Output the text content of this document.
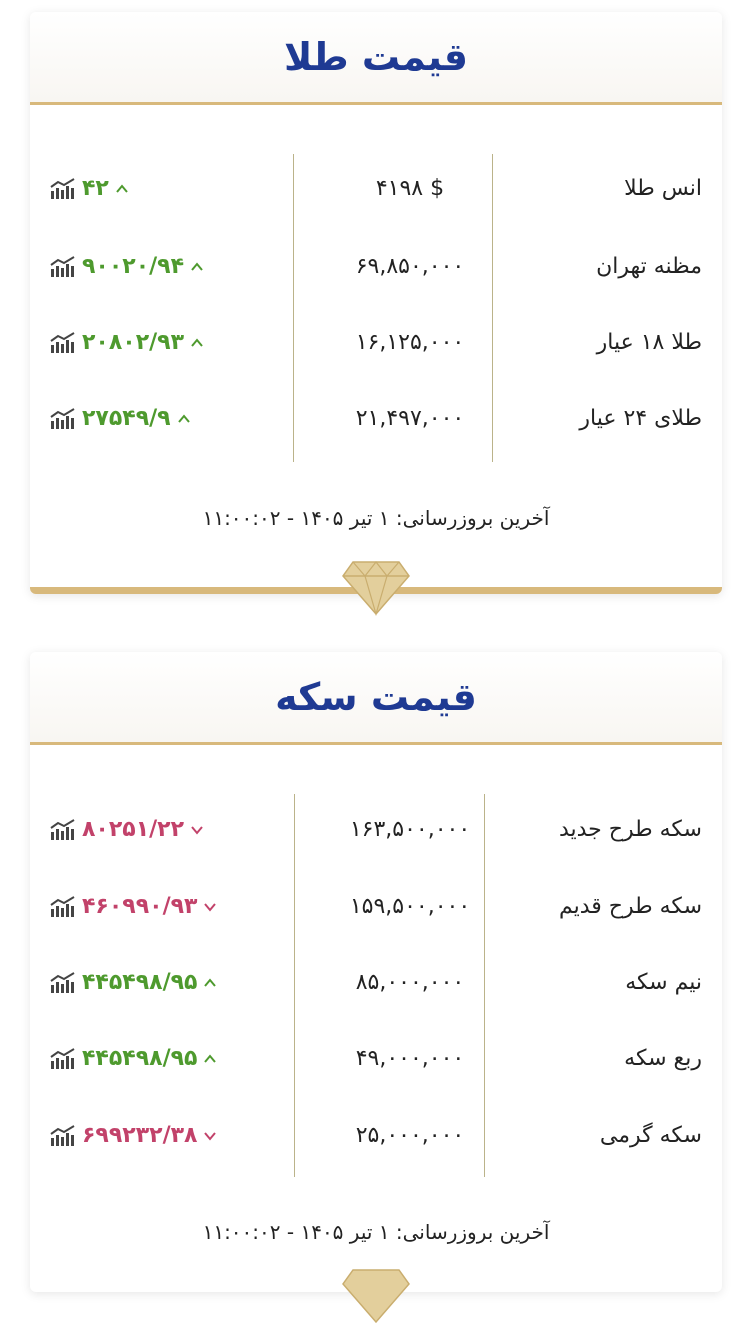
قیمت طلا
انس طلا
۴۱۹۸ $
۴۲
مظنه تهران
۶۹,۸۵۰,۰۰۰
۹۰۰۲۰/۹۴
طلا ۱۸ عیار
۱۶,۱۲۵,۰۰۰
۲۰۸۰۲/۹۳
طلای ۲۴ عیار
۲۱,۴۹۷,۰۰۰
۲۷۵۴۹/۹
آخرین بروزرسانی: ۱ تیر ۱۴۰۵ - ۱۱:۰۰:۰۲
قیمت سکه
سکه طرح جدید
۱۶۳,۵۰۰,۰۰۰
۸۰۲۵۱/۲۲
سکه طرح قدیم
۱۵۹,۵۰۰,۰۰۰
۴۶۰۹۹۰/۹۳
نیم سکه
۸۵,۰۰۰,۰۰۰
۴۴۵۴۹۸/۹۵
ربع سکه
۴۹,۰۰۰,۰۰۰
۴۴۵۴۹۸/۹۵
سکه گرمی
۲۵,۰۰۰,۰۰۰
۶۹۹۲۳۲/۳۸
آخرین بروزرسانی: ۱ تیر ۱۴۰۵ - ۱۱:۰۰:۰۲
